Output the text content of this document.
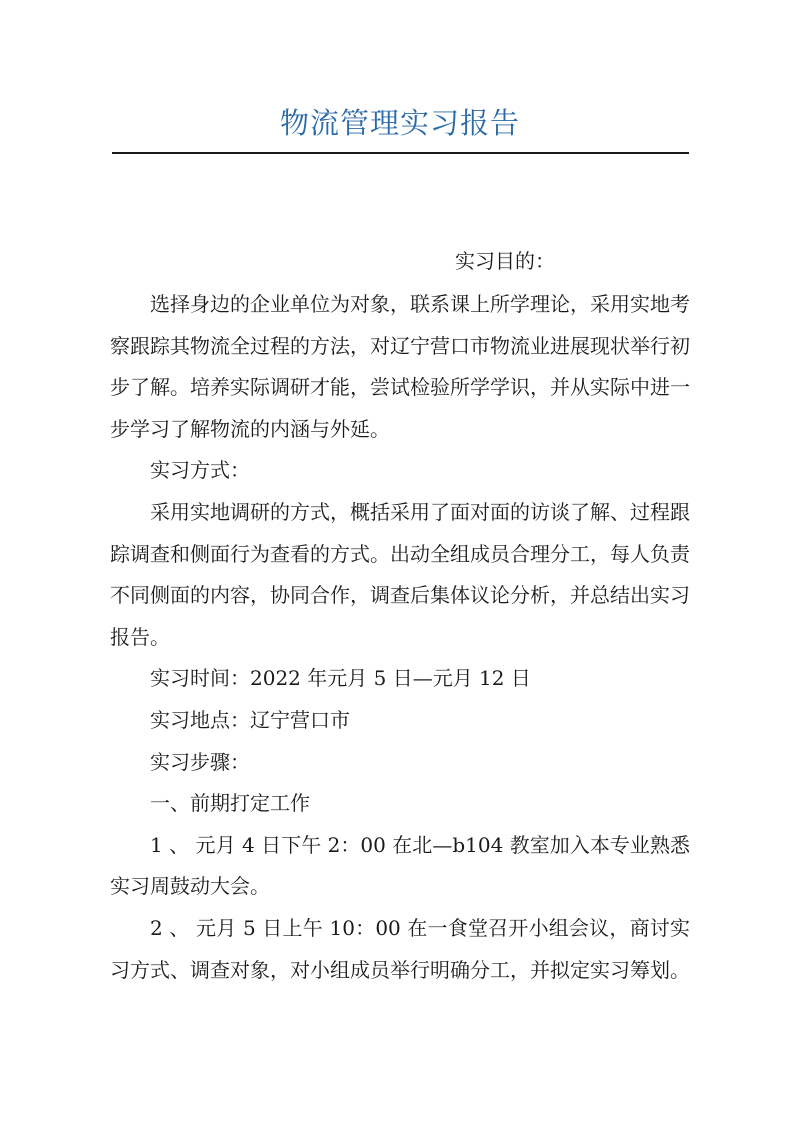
物流管理实习报告
实习目的：

选择身边的企业单位为对象，联系课上所学理论，采用实地考察跟踪其物流全过程的方法，对辽宁营口市物流业进展现状举行初步了解。培养实际调研才能，尝试检验所学学识，并从实际中进一步学习了解物流的内涵与外延。

实习方式：

采用实地调研的方式，概括采用了面对面的访谈了解、过程跟踪调查和侧面行为查看的方式。出动全组成员合理分工，每人负责不同侧面的内容，协同合作，调查后集体议论分析，并总结出实习报告。

实习时间：2022 年元月 5 日—元月 12 日

实习地点：辽宁营口市

实习步骤：

一、前期打定工作

1 、 元月 4 日下午 2：00 在北—b104 教室加入本专业熟悉实习周鼓动大会。

2 、 元月 5 日上午 10：00 在一食堂召开小组会议，商讨实习方式、调查对象，对小组成员举行明确分工，并拟定实习筹划。
